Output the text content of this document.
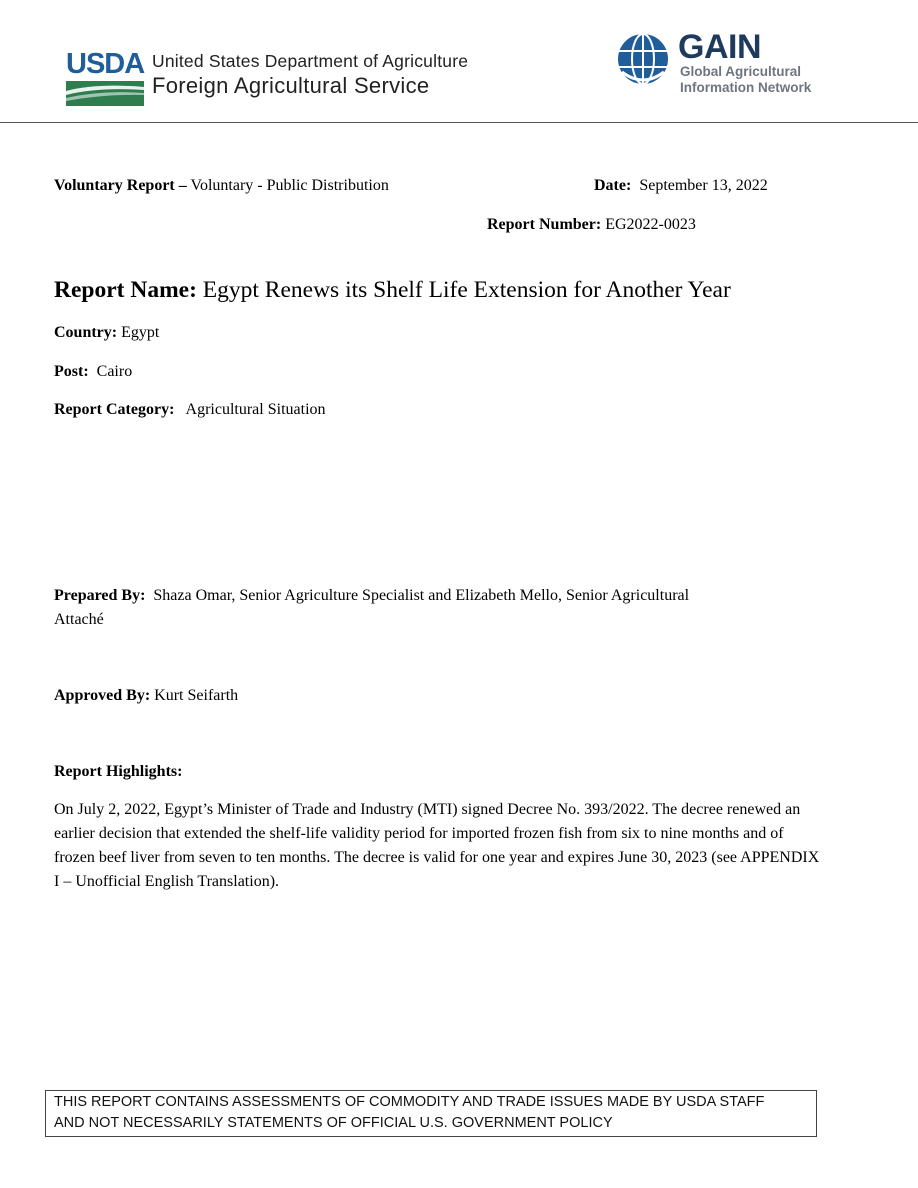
USDA United States Department of Agriculture
Foreign Agricultural Service
GAIN
Global Agricultural
Information Network
Voluntary Report – Voluntary - Public Distribution	Date: September 13, 2022
Report Number: EG2022-0023
Report Name: Egypt Renews its Shelf Life Extension for Another Year
Country: Egypt
Post: Cairo
Report Category: Agricultural Situation
Prepared By: Shaza Omar, Senior Agriculture Specialist and Elizabeth Mello, Senior Agricultural
Attaché
Approved By: Kurt Seifarth
Report Highlights:
On July 2, 2022, Egypt’s Minister of Trade and Industry (MTI) signed Decree No. 393/2022. The decree renewed an earlier decision that extended the shelf-life validity period for imported frozen fish from six to nine months and of frozen beef liver from seven to ten months. The decree is valid for one year and expires June 30, 2023 (see APPENDIX I – Unofficial English Translation).
THIS REPORT CONTAINS ASSESSMENTS OF COMMODITY AND TRADE ISSUES MADE BY USDA STAFF
AND NOT NECESSARILY STATEMENTS OF OFFICIAL U.S. GOVERNMENT POLICY
